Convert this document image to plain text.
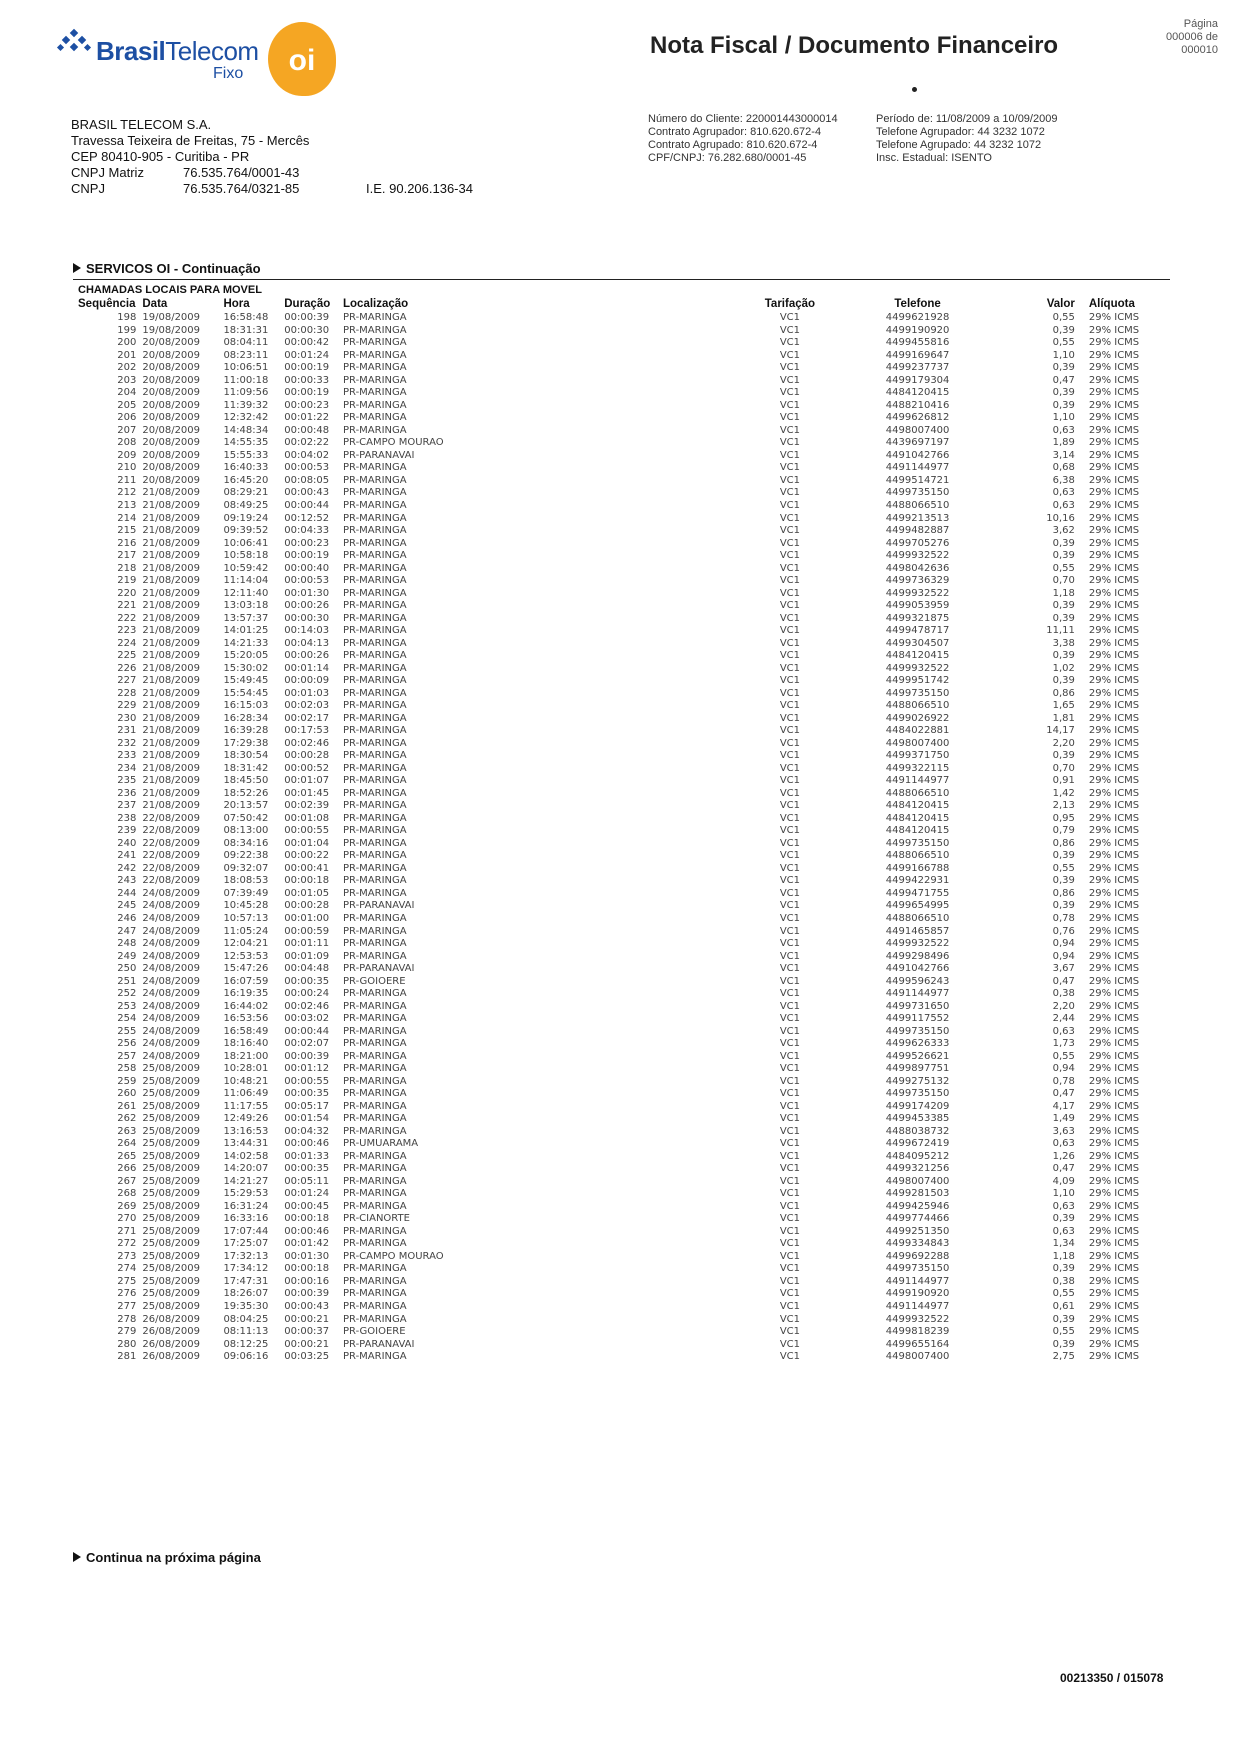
BrasilTelecom
Fixo	oi	Nota Fiscal / Documento Financeiro
Página
000006 de
000010
BRASIL TELECOM S.A.
Travessa Teixeira de Freitas, 75 - Mercês
CEP 80410-905 - Curitiba - PR
CNPJ Matriz	76.535.764/0001-43
CNPJ	76.535.764/0321-85	I.E. 90.206.136-34
Número do Cliente: 220001443000014
Contrato Agrupador: 810.620.672-4
Contrato Agrupado: 810.620.672-4
CPF/CNPJ: 76.282.680/0001-45
Período de: 11/08/2009 a 10/09/2009
Telefone Agrupador: 44 3232 1072
Telefone Agrupado: 44 3232 1072
Insc. Estadual: ISENTO
SERVICOS OI - Continuação
CHAMADAS LOCAIS PARA MOVEL
Sequência	Data	Hora	Duração	Localização	Tarifação	Telefone	Valor	Alíquota
198	19/08/2009	16:58:48	00:00:39	PR-MARINGA	VC1	4499621928	0,55	29% ICMS
199	19/08/2009	18:31:31	00:00:30	PR-MARINGA	VC1	4499190920	0,39	29% ICMS
200	20/08/2009	08:04:11	00:00:42	PR-MARINGA	VC1	4499455816	0,55	29% ICMS
201	20/08/2009	08:23:11	00:01:24	PR-MARINGA	VC1	4499169647	1,10	29% ICMS
202	20/08/2009	10:06:51	00:00:19	PR-MARINGA	VC1	4499237737	0,39	29% ICMS
203	20/08/2009	11:00:18	00:00:33	PR-MARINGA	VC1	4499179304	0,47	29% ICMS
204	20/08/2009	11:09:56	00:00:19	PR-MARINGA	VC1	4484120415	0,39	29% ICMS
205	20/08/2009	11:39:32	00:00:23	PR-MARINGA	VC1	4488210416	0,39	29% ICMS
206	20/08/2009	12:32:42	00:01:22	PR-MARINGA	VC1	4499626812	1,10	29% ICMS
207	20/08/2009	14:48:34	00:00:48	PR-MARINGA	VC1	4498007400	0,63	29% ICMS
208	20/08/2009	14:55:35	00:02:22	PR-CAMPO MOURAO	VC1	4439697197	1,89	29% ICMS
209	20/08/2009	15:55:33	00:04:02	PR-PARANAVAI	VC1	4491042766	3,14	29% ICMS
210	20/08/2009	16:40:33	00:00:53	PR-MARINGA	VC1	4491144977	0,68	29% ICMS
211	20/08/2009	16:45:20	00:08:05	PR-MARINGA	VC1	4499514721	6,38	29% ICMS
212	21/08/2009	08:29:21	00:00:43	PR-MARINGA	VC1	4499735150	0,63	29% ICMS
213	21/08/2009	08:49:25	00:00:44	PR-MARINGA	VC1	4488066510	0,63	29% ICMS
214	21/08/2009	09:19:24	00:12:52	PR-MARINGA	VC1	4499213513	10,16	29% ICMS
215	21/08/2009	09:39:52	00:04:33	PR-MARINGA	VC1	4499482887	3,62	29% ICMS
216	21/08/2009	10:06:41	00:00:23	PR-MARINGA	VC1	4499705276	0,39	29% ICMS
217	21/08/2009	10:58:18	00:00:19	PR-MARINGA	VC1	4499932522	0,39	29% ICMS
218	21/08/2009	10:59:42	00:00:40	PR-MARINGA	VC1	4498042636	0,55	29% ICMS
219	21/08/2009	11:14:04	00:00:53	PR-MARINGA	VC1	4499736329	0,70	29% ICMS
220	21/08/2009	12:11:40	00:01:30	PR-MARINGA	VC1	4499932522	1,18	29% ICMS
221	21/08/2009	13:03:18	00:00:26	PR-MARINGA	VC1	4499053959	0,39	29% ICMS
222	21/08/2009	13:57:37	00:00:30	PR-MARINGA	VC1	4499321875	0,39	29% ICMS
223	21/08/2009	14:01:25	00:14:03	PR-MARINGA	VC1	4499478717	11,11	29% ICMS
224	21/08/2009	14:21:33	00:04:13	PR-MARINGA	VC1	4499304507	3,38	29% ICMS
225	21/08/2009	15:20:05	00:00:26	PR-MARINGA	VC1	4484120415	0,39	29% ICMS
226	21/08/2009	15:30:02	00:01:14	PR-MARINGA	VC1	4499932522	1,02	29% ICMS
227	21/08/2009	15:49:45	00:00:09	PR-MARINGA	VC1	4499951742	0,39	29% ICMS
228	21/08/2009	15:54:45	00:01:03	PR-MARINGA	VC1	4499735150	0,86	29% ICMS
229	21/08/2009	16:15:03	00:02:03	PR-MARINGA	VC1	4488066510	1,65	29% ICMS
230	21/08/2009	16:28:34	00:02:17	PR-MARINGA	VC1	4499026922	1,81	29% ICMS
231	21/08/2009	16:39:28	00:17:53	PR-MARINGA	VC1	4484022881	14,17	29% ICMS
232	21/08/2009	17:29:38	00:02:46	PR-MARINGA	VC1	4498007400	2,20	29% ICMS
233	21/08/2009	18:30:54	00:00:28	PR-MARINGA	VC1	4499371750	0,39	29% ICMS
234	21/08/2009	18:31:42	00:00:52	PR-MARINGA	VC1	4499322115	0,70	29% ICMS
235	21/08/2009	18:45:50	00:01:07	PR-MARINGA	VC1	4491144977	0,91	29% ICMS
236	21/08/2009	18:52:26	00:01:45	PR-MARINGA	VC1	4488066510	1,42	29% ICMS
237	21/08/2009	20:13:57	00:02:39	PR-MARINGA	VC1	4484120415	2,13	29% ICMS
238	22/08/2009	07:50:42	00:01:08	PR-MARINGA	VC1	4484120415	0,95	29% ICMS
239	22/08/2009	08:13:00	00:00:55	PR-MARINGA	VC1	4484120415	0,79	29% ICMS
240	22/08/2009	08:34:16	00:01:04	PR-MARINGA	VC1	4499735150	0,86	29% ICMS
241	22/08/2009	09:22:38	00:00:22	PR-MARINGA	VC1	4488066510	0,39	29% ICMS
242	22/08/2009	09:32:07	00:00:41	PR-MARINGA	VC1	4499166788	0,55	29% ICMS
243	22/08/2009	18:08:53	00:00:18	PR-MARINGA	VC1	4499422931	0,39	29% ICMS
244	24/08/2009	07:39:49	00:01:05	PR-MARINGA	VC1	4499471755	0,86	29% ICMS
245	24/08/2009	10:45:28	00:00:28	PR-PARANAVAI	VC1	4499654995	0,39	29% ICMS
246	24/08/2009	10:57:13	00:01:00	PR-MARINGA	VC1	4488066510	0,78	29% ICMS
247	24/08/2009	11:05:24	00:00:59	PR-MARINGA	VC1	4491465857	0,76	29% ICMS
248	24/08/2009	12:04:21	00:01:11	PR-MARINGA	VC1	4499932522	0,94	29% ICMS
249	24/08/2009	12:53:53	00:01:09	PR-MARINGA	VC1	4499298496	0,94	29% ICMS
250	24/08/2009	15:47:26	00:04:48	PR-PARANAVAI	VC1	4491042766	3,67	29% ICMS
251	24/08/2009	16:07:59	00:00:35	PR-GOIOERE	VC1	4499596243	0,47	29% ICMS
252	24/08/2009	16:19:35	00:00:24	PR-MARINGA	VC1	4491144977	0,38	29% ICMS
253	24/08/2009	16:44:02	00:02:46	PR-MARINGA	VC1	4499731650	2,20	29% ICMS
254	24/08/2009	16:53:56	00:03:02	PR-MARINGA	VC1	4499117552	2,44	29% ICMS
255	24/08/2009	16:58:49	00:00:44	PR-MARINGA	VC1	4499735150	0,63	29% ICMS
256	24/08/2009	18:16:40	00:02:07	PR-MARINGA	VC1	4499626333	1,73	29% ICMS
257	24/08/2009	18:21:00	00:00:39	PR-MARINGA	VC1	4499526621	0,55	29% ICMS
258	25/08/2009	10:28:01	00:01:12	PR-MARINGA	VC1	4499897751	0,94	29% ICMS
259	25/08/2009	10:48:21	00:00:55	PR-MARINGA	VC1	4499275132	0,78	29% ICMS
260	25/08/2009	11:06:49	00:00:35	PR-MARINGA	VC1	4499735150	0,47	29% ICMS
261	25/08/2009	11:17:55	00:05:17	PR-MARINGA	VC1	4499174209	4,17	29% ICMS
262	25/08/2009	12:49:26	00:01:54	PR-MARINGA	VC1	4499453385	1,49	29% ICMS
263	25/08/2009	13:16:53	00:04:32	PR-MARINGA	VC1	4488038732	3,63	29% ICMS
264	25/08/2009	13:44:31	00:00:46	PR-UMUARAMA	VC1	4499672419	0,63	29% ICMS
265	25/08/2009	14:02:58	00:01:33	PR-MARINGA	VC1	4484095212	1,26	29% ICMS
266	25/08/2009	14:20:07	00:00:35	PR-MARINGA	VC1	4499321256	0,47	29% ICMS
267	25/08/2009	14:21:27	00:05:11	PR-MARINGA	VC1	4498007400	4,09	29% ICMS
268	25/08/2009	15:29:53	00:01:24	PR-MARINGA	VC1	4499281503	1,10	29% ICMS
269	25/08/2009	16:31:24	00:00:45	PR-MARINGA	VC1	4499425946	0,63	29% ICMS
270	25/08/2009	16:33:16	00:00:18	PR-CIANORTE	VC1	4499774466	0,39	29% ICMS
271	25/08/2009	17:07:44	00:00:46	PR-MARINGA	VC1	4499251350	0,63	29% ICMS
272	25/08/2009	17:25:07	00:01:42	PR-MARINGA	VC1	4499334843	1,34	29% ICMS
273	25/08/2009	17:32:13	00:01:30	PR-CAMPO MOURAO	VC1	4499692288	1,18	29% ICMS
274	25/08/2009	17:34:12	00:00:18	PR-MARINGA	VC1	4499735150	0,39	29% ICMS
275	25/08/2009	17:47:31	00:00:16	PR-MARINGA	VC1	4491144977	0,38	29% ICMS
276	25/08/2009	18:26:07	00:00:39	PR-MARINGA	VC1	4499190920	0,55	29% ICMS
277	25/08/2009	19:35:30	00:00:43	PR-MARINGA	VC1	4491144977	0,61	29% ICMS
278	26/08/2009	08:04:25	00:00:21	PR-MARINGA	VC1	4499932522	0,39	29% ICMS
279	26/08/2009	08:11:13	00:00:37	PR-GOIOERE	VC1	4499818239	0,55	29% ICMS
280	26/08/2009	08:12:25	00:00:21	PR-PARANAVAI	VC1	4499655164	0,39	29% ICMS
281	26/08/2009	09:06:16	00:03:25	PR-MARINGA	VC1	4498007400	2,75	29% ICMS
Continua na próxima página
00213350 / 015078
